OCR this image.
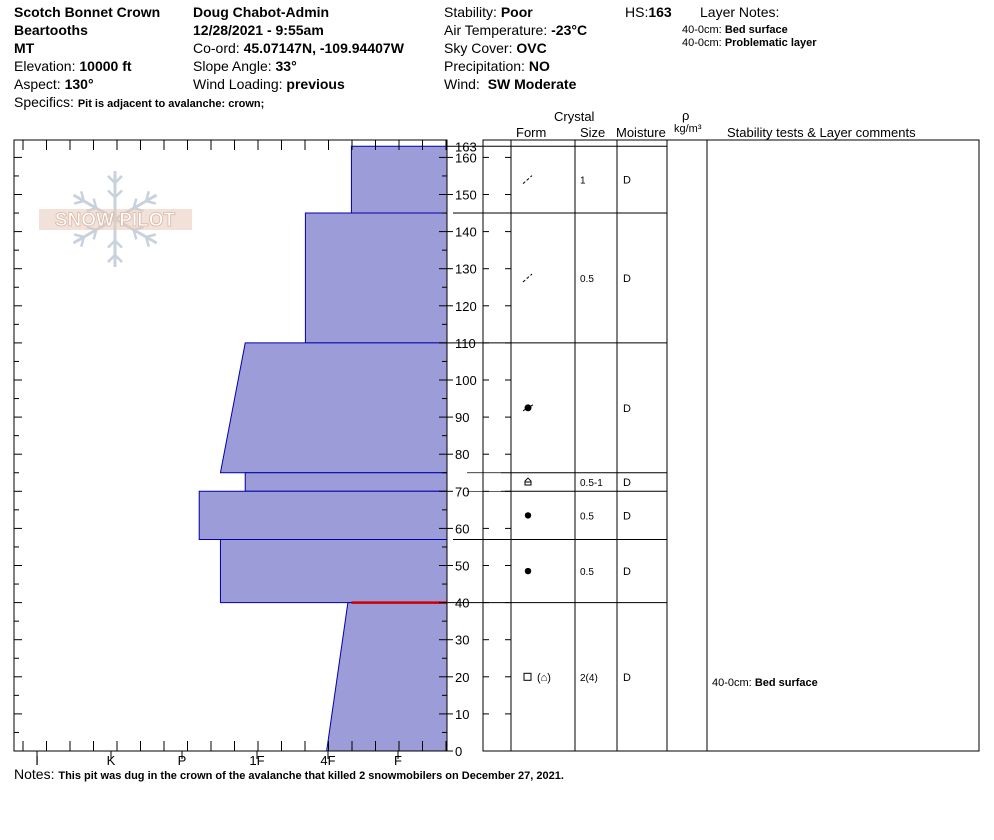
Scotch Bonnet Crown
Beartooths
MT
Elevation: 10000 ft
Aspect: 130°
Specifics: Pit is adjacent to avalanche: crown;
Doug Chabot-Admin
12/28/2021 - 9:55am
Co-ord: 45.07147N, -109.94407W
Slope Angle: 33°
Wind Loading: previous
Stability: Poor
Air Temperature: -23°C
Sky Cover: OVC
Precipitation: NO
Wind: SW Moderate
HS:163 Layer Notes:
40-0cm: Bed surface
40-0cm: Problematic layer
Crystal
Form	Size Moisture
ρ
kg/m³ Stability tests & Layer comments
SNOW PILOT
I	K	P	1F	4F	F
0
10
20
30
40
50
60
70
80
90
100
110
120
130
140
150
160
163
1	D
0.5	D
D
0.5-1 D
0.5	D
0.5	D
(⌂)	2(4) D	40-0cm: Bed surface
Notes: This pit was dug in the crown of the avalanche that killed 2 snowmobilers on December 27, 2021.
